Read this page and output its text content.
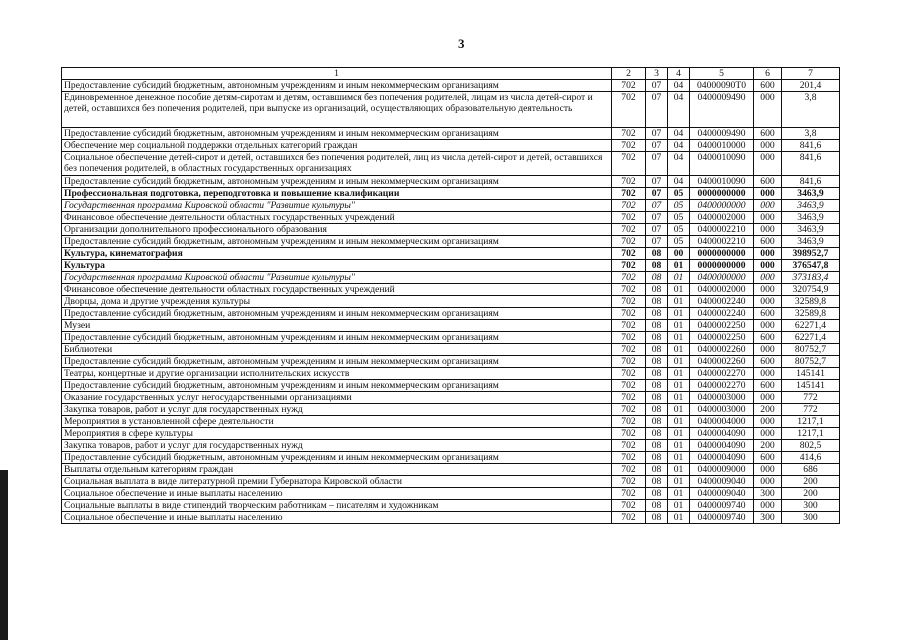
3
1	2	3	4	5	6	7
Предоставление субсидий бюджетным, автономным учреждениям и иным некоммерческим организациям	702	07	04	04000090Т0	600	201,4
Единовременное денежное пособие детям-сиротам и детям, оставшимся без попечения родителей, лицам из числа детей-сирот и детей, оставшихся без попечения родителей, при выпуске из организаций, осуществляющих образовательную деятельность	702	07	04	0400009490	000	3,8
Предоставление субсидий бюджетным, автономным учреждениям и иным некоммерческим организациям	702	07	04	0400009490	600	3,8
Обеспечение мер социальной поддержки отдельных категорий граждан	702	07	04	0400010000	000	841,6
Социальное обеспечение детей-сирот и детей, оставшихся без попечения родителей, лиц из числа детей-сирот и детей, оставшихся без попечения родителей, в областных государственных организациях	702	07	04	0400010090	000	841,6
Предоставление субсидий бюджетным, автономным учреждениям и иным некоммерческим организациям	702	07	04	0400010090	600	841,6
Профессиональная подготовка, переподготовка и повышение квалификации	702	07	05	0000000000	000	3463,9
Государственная программа Кировской области "Развитие культуры"	702	07	05	0400000000	000	3463,9
Финансовое обеспечение деятельности областных государственных учреждений	702	07	05	0400002000	000	3463,9
Организации дополнительного профессионального образования	702	07	05	0400002210	000	3463,9
Предоставление субсидий бюджетным, автономным учреждениям и иным некоммерческим организациям	702	07	05	0400002210	600	3463,9
Культура, кинематография	702	08	00	0000000000	000	398952,7
Культура	702	08	01	0000000000	000	376547,8
Государственная программа Кировской области "Развитие культуры"	702	08	01	0400000000	000	373183,4
Финансовое обеспечение деятельности областных государственных учреждений	702	08	01	0400002000	000	320754,9
Дворцы, дома и другие учреждения культуры	702	08	01	0400002240	000	32589,8
Предоставление субсидий бюджетным, автономным учреждениям и иным некоммерческим организациям	702	08	01	0400002240	600	32589,8
Музеи	702	08	01	0400002250	000	62271,4
Предоставление субсидий бюджетным, автономным учреждениям и иным некоммерческим организациям	702	08	01	0400002250	600	62271,4
Библиотеки	702	08	01	0400002260	000	80752,7
Предоставление субсидий бюджетным, автономным учреждениям и иным некоммерческим организациям	702	08	01	0400002260	600	80752,7
Театры, концертные и другие организации исполнительских искусств	702	08	01	0400002270	000	145141
Предоставление субсидий бюджетным, автономным учреждениям и иным некоммерческим организациям	702	08	01	0400002270	600	145141
Оказание государственных услуг негосударственными организациями	702	08	01	0400003000	000	772
Закупка товаров, работ и услуг для государственных нужд	702	08	01	0400003000	200	772
Мероприятия в установленной сфере деятельности	702	08	01	0400004000	000	1217,1
Мероприятия в сфере культуры	702	08	01	0400004090	000	1217,1
Закупка товаров, работ и услуг для государственных нужд	702	08	01	0400004090	200	802,5
Предоставление субсидий бюджетным, автономным учреждениям и иным некоммерческим организациям	702	08	01	0400004090	600	414,6
Выплаты отдельным категориям граждан	702	08	01	0400009000	000	686
Социальная выплата в виде литературной премии Губернатора Кировской области	702	08	01	0400009040	000	200
Социальное обеспечение и иные выплаты населению	702	08	01	0400009040	300	200
Социальные выплаты в виде стипендий творческим работникам – писателям и художникам	702	08	01	0400009740	000	300
Социальное обеспечение и иные выплаты населению	702	08	01	0400009740	300	300
